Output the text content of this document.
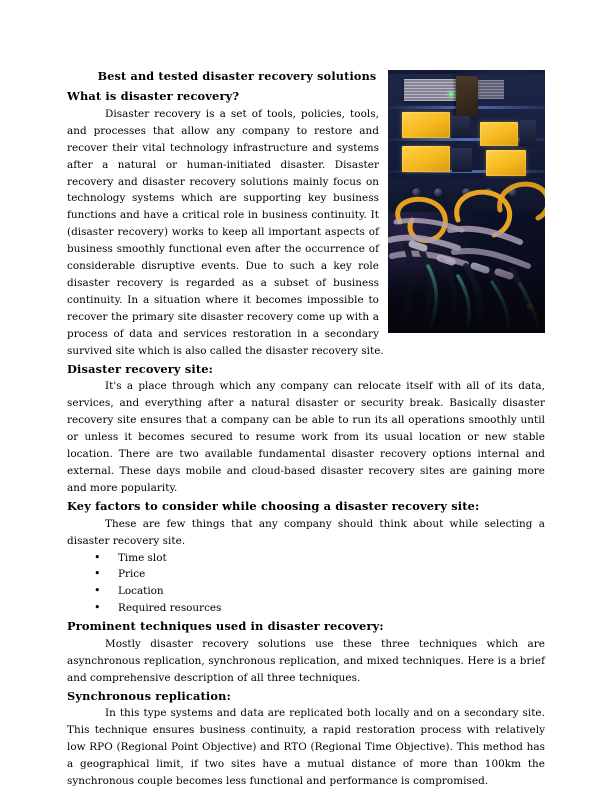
Best and tested disaster recovery solutions
What is disaster recovery?

Disaster recovery is a set of tools, policies, tools, and processes that allow any company to restore and recover their vital technology infrastructure and systems after a natural or human-initiated disaster. Disaster recovery and disaster recovery solutions mainly focus on technology systems which are supporting key business functions and have a critical role in business continuity. It (disaster recovery) works to keep all important aspects of business smoothly functional even after the occurrence of considerable disruptive events. Due to such a key role disaster recovery is regarded as a subset of business continuity. In a situation where it becomes impossible to recover the primary site disaster recovery come up with a process of data and services restoration in a secondary survived site which is also called the disaster recovery site.

Disaster recovery site:

It's a place through which any company can relocate itself with all of its data, services, and everything after a natural disaster or security break. Basically disaster recovery site ensures that a company can be able to run its all operations smoothly until or unless it becomes secured to resume work from its usual location or new stable location. There are two available fundamental disaster recovery options internal and external. These days mobile and cloud-based disaster recovery sites are gaining more and more popularity.

Key factors to consider while choosing a disaster recovery site:

These are few things that any company should think about while selecting a disaster recovery site.

• Time slot
• Price
• Location
• Required resources
Prominent techniques used in disaster recovery:

Mostly disaster recovery solutions use these three techniques which are asynchronous replication, synchronous replication, and mixed techniques. Here is a brief and comprehensive description of all three techniques.

Synchronous replication:

In this type systems and data are replicated both locally and on a secondary site. This technique ensures business continuity, a rapid restoration process with relatively low RPO (Regional Point Objective) and RTO (Regional Time Objective). This method has a geographical limit, if two sites have a mutual distance of more than 100km the synchronous couple becomes less functional and performance is compromised.
